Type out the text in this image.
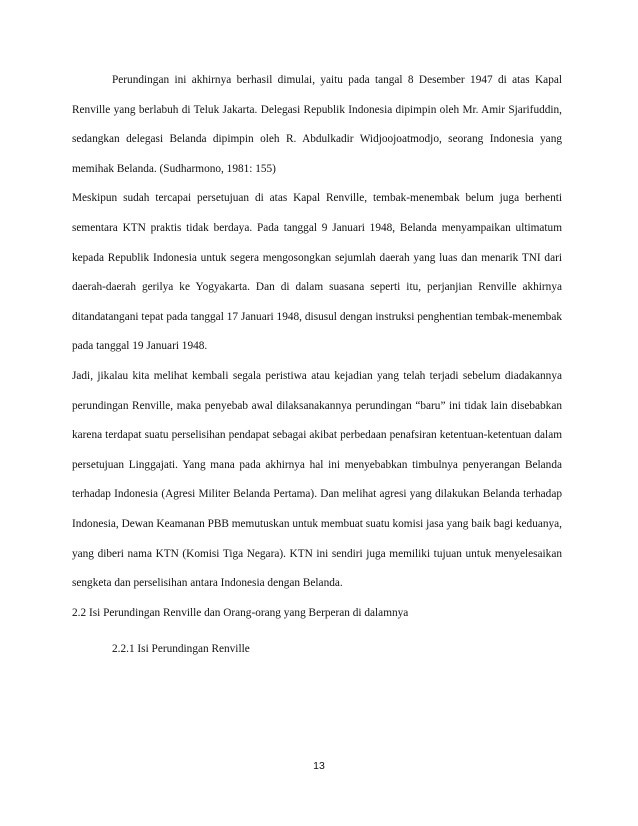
Perundingan ini akhirnya berhasil dimulai, yaitu pada tangal 8 Desember 1947 di atas Kapal Renville yang berlabuh di Teluk Jakarta. Delegasi Republik Indonesia dipimpin oleh Mr. Amir Sjarifuddin, sedangkan delegasi Belanda dipimpin oleh R. Abdulkadir Widjoojoatmodjo, seorang Indonesia yang memihak Belanda. (Sudharmono, 1981: 155)

Meskipun sudah tercapai persetujuan di atas Kapal Renville, tembak-menembak belum juga berhenti sementara KTN praktis tidak berdaya. Pada tanggal 9 Januari 1948, Belanda menyampaikan ultimatum kepada Republik Indonesia untuk segera mengosongkan sejumlah daerah yang luas dan menarik TNI dari daerah-daerah gerilya ke Yogyakarta. Dan di dalam suasana seperti itu, perjanjian Renville akhirnya ditandatangani tepat pada tanggal 17 Januari 1948, disusul dengan instruksi penghentian tembak-menembak pada tanggal 19 Januari 1948.

Jadi, jikalau kita melihat kembali segala peristiwa atau kejadian yang telah terjadi sebelum diadakannya perundingan Renville, maka penyebab awal dilaksanakannya perundingan “baru” ini tidak lain disebabkan karena terdapat suatu perselisihan pendapat sebagai akibat perbedaan penafsiran ketentuan-ketentuan dalam persetujuan Linggajati. Yang mana pada akhirnya hal ini menyebabkan timbulnya penyerangan Belanda terhadap Indonesia (Agresi Militer Belanda Pertama). Dan melihat agresi yang dilakukan Belanda terhadap Indonesia, Dewan Keamanan PBB memutuskan untuk membuat suatu komisi jasa yang baik bagi keduanya, yang diberi nama KTN (Komisi Tiga Negara). KTN ini sendiri juga memiliki tujuan untuk menyelesaikan sengketa dan perselisihan antara Indonesia dengan Belanda.

2.2 Isi Perundingan Renville dan Orang-orang yang Berperan di dalamnya

2.2.1 Isi Perundingan Renville

13
